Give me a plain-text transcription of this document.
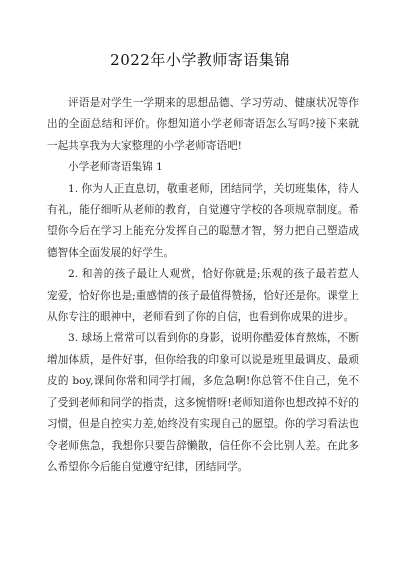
2022年小学教师寄语集锦

评语是对学生一学期来的思想品德、学习劳动、健康状况等作出的全面总结和评价。你想知道小学老师寄语怎么写吗?接下来就一起共享我为大家整理的小学老师寄语吧!

小学老师寄语集锦 1

1. 你为人正直息切，敬重老师，团结同学，关切班集体，待人有礼，能仔细听从老师的教育，自觉遵守学校的各项规章制度。希望你今后在学习上能充分发挥自己的聪慧才智，努力把自己塑造成德智体全面发展的好学生。

2. 和善的孩子最让人观赏，恰好你就是;乐观的孩子最若惹人宠爱，恰好你也是;重感情的孩子最值得赞扬，恰好还是你。课堂上从你专注的眼神中，老师看到了你的自信，也看到你成果的进步。

3. 球场上常常可以看到你的身影，说明你酷爱体育熬炼，不断增加体质，是件好事，但你给我的印象可以说是班里最调皮、最顽皮的 boy,课间你常和同学打闹，多危急啊!你总管不住自己，免不了受到老师和同学的指责，这多惋惜呀!老师知道你也想改掉不好的习惯，但是自控实力差,始终没有实现自己的愿望。你的学习看法也令老师焦急，我想你只要告辞懒散，信任你不会比别人差。在此多么希望你今后能自觉遵守纪律，团结同学。
